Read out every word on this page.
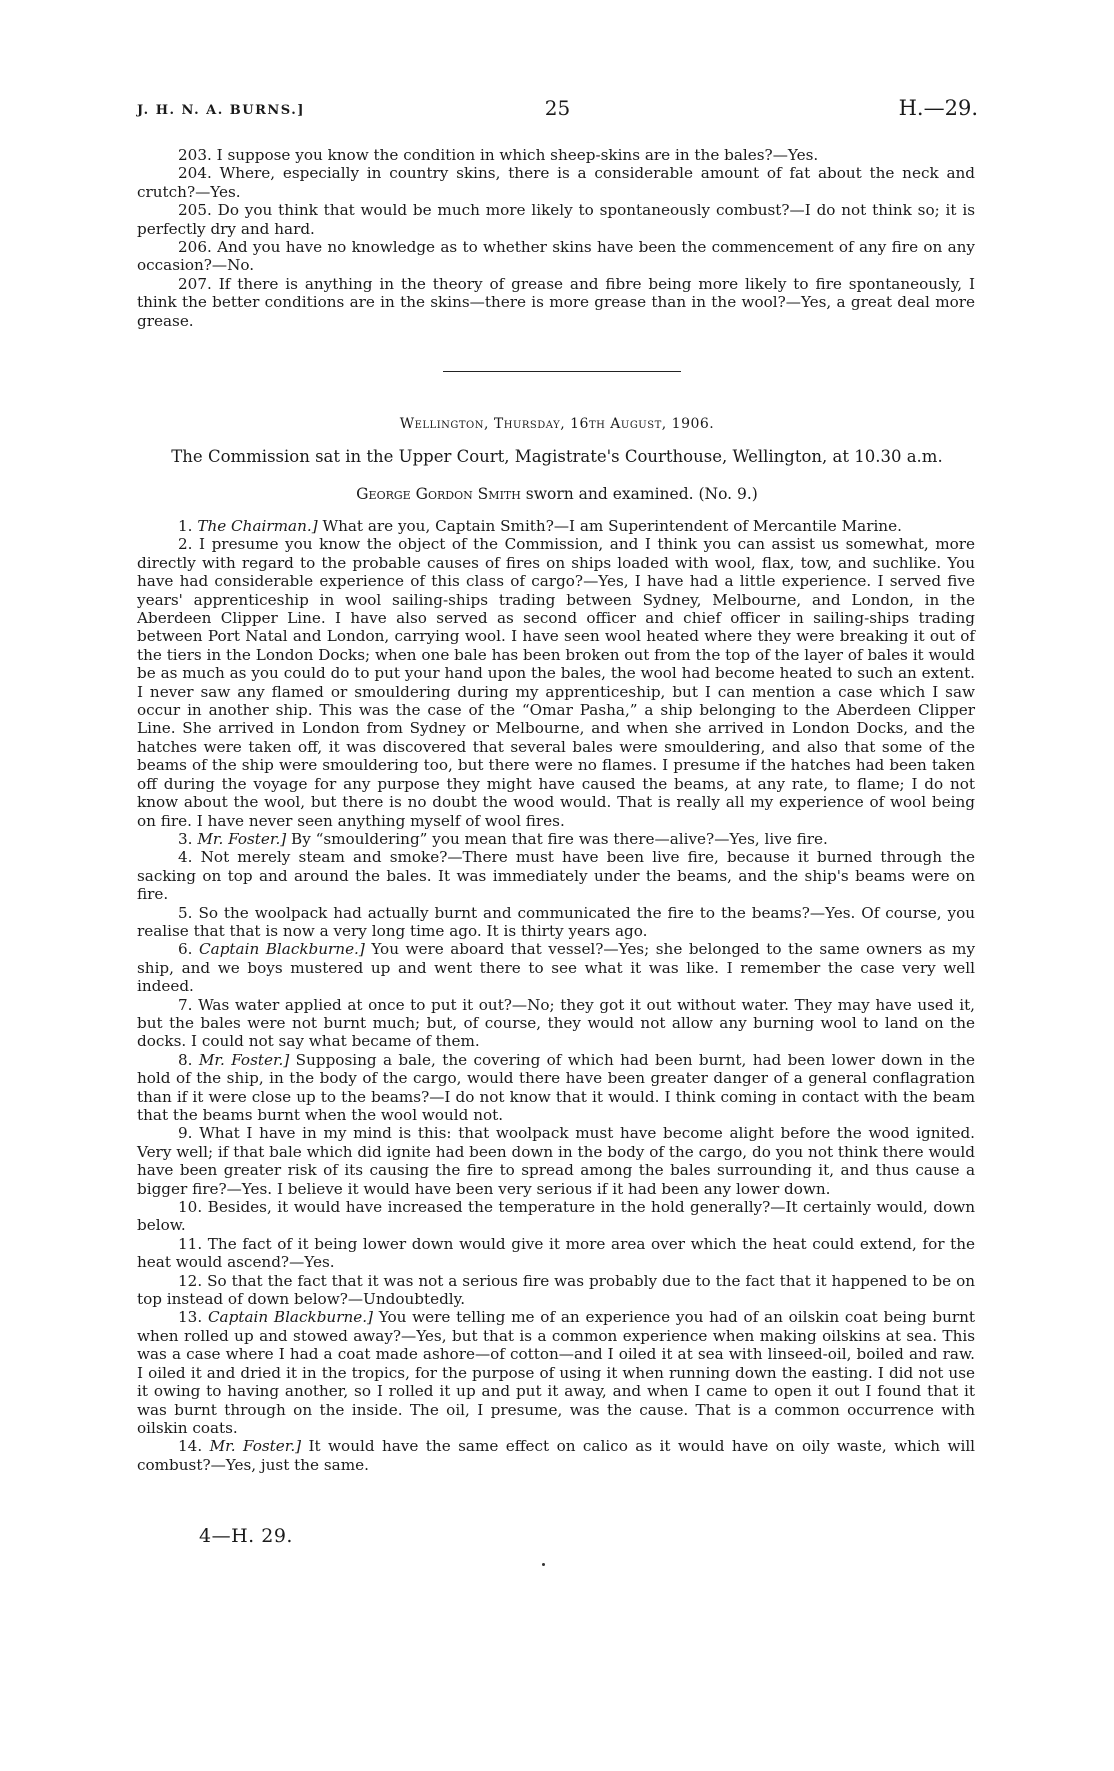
J. H. N. A. BURNS.]	25	H.—29.

203. I suppose you know the condition in which sheep-skins are in the bales?—Yes.

204. Where, especially in country skins, there is a considerable amount of fat about the neck and crutch?—Yes.

205. Do you think that would be much more likely to spontaneously combust?—I do not think so; it is perfectly dry and hard.

206. And you have no knowledge as to whether skins have been the commencement of any fire on any occasion?—No.

207. If there is anything in the theory of grease and fibre being more likely to fire spontaneously, I think the better conditions are in the skins—there is more grease than in the wool?—Yes, a great deal more grease.

Wellington, Thursday, 16th August, 1906.
The Commission sat in the Upper Court, Magistrate's Courthouse, Wellington, at 10.30 a.m.
George Gordon Smith sworn and examined. (No. 9.)

1. The Chairman.] What are you, Captain Smith?—I am Superintendent of Mercantile Marine.

2. I presume you know the object of the Commission, and I think you can assist us somewhat, more directly with regard to the probable causes of fires on ships loaded with wool, flax, tow, and suchlike. You have had considerable experience of this class of cargo?—Yes, I have had a little experience. I served five years' apprenticeship in wool sailing-ships trading between Sydney, Melbourne, and London, in the Aberdeen Clipper Line. I have also served as second officer and chief officer in sailing-ships trading between Port Natal and London, carrying wool. I have seen wool heated where they were breaking it out of the tiers in the London Docks; when one bale has been broken out from the top of the layer of bales it would be as much as you could do to put your hand upon the bales, the wool had become heated to such an extent. I never saw any flamed or smouldering during my apprenticeship, but I can mention a case which I saw occur in another ship. This was the case of the “Omar Pasha,” a ship belonging to the Aberdeen Clipper Line. She arrived in London from Sydney or Melbourne, and when she arrived in London Docks, and the hatches were taken off, it was discovered that several bales were smouldering, and also that some of the beams of the ship were smouldering too, but there were no flames. I presume if the hatches had been taken off during the voyage for any purpose they might have caused the beams, at any rate, to flame; I do not know about the wool, but there is no doubt the wood would. That is really all my experience of wool being on fire. I have never seen anything myself of wool fires.

3. Mr. Foster.] By “smouldering” you mean that fire was there—alive?—Yes, live fire.

4. Not merely steam and smoke?—There must have been live fire, because it burned through the sacking on top and around the bales. It was immediately under the beams, and the ship's beams were on fire.

5. So the woolpack had actually burnt and communicated the fire to the beams?—Yes. Of course, you realise that that is now a very long time ago. It is thirty years ago.

6. Captain Blackburne.] You were aboard that vessel?—Yes; she belonged to the same owners as my ship, and we boys mustered up and went there to see what it was like. I remember the case very well indeed.

7. Was water applied at once to put it out?—No; they got it out without water. They may have used it, but the bales were not burnt much; but, of course, they would not allow any burning wool to land on the docks. I could not say what became of them.

8. Mr. Foster.] Supposing a bale, the covering of which had been burnt, had been lower down in the hold of the ship, in the body of the cargo, would there have been greater danger of a general conflagration than if it were close up to the beams?—I do not know that it would. I think coming in contact with the beam that the beams burnt when the wool would not.

9. What I have in my mind is this: that woolpack must have become alight before the wood ignited. Very well; if that bale which did ignite had been down in the body of the cargo, do you not think there would have been greater risk of its causing the fire to spread among the bales surrounding it, and thus cause a bigger fire?—Yes. I believe it would have been very serious if it had been any lower down.

10. Besides, it would have increased the temperature in the hold generally?—It certainly would, down below.

11. The fact of it being lower down would give it more area over which the heat could extend, for the heat would ascend?—Yes.

12. So that the fact that it was not a serious fire was probably due to the fact that it happened to be on top instead of down below?—Undoubtedly.

13. Captain Blackburne.] You were telling me of an experience you had of an oilskin coat being burnt when rolled up and stowed away?—Yes, but that is a common experience when making oilskins at sea. This was a case where I had a coat made ashore—of cotton—and I oiled it at sea with linseed-oil, boiled and raw. I oiled it and dried it in the tropics, for the purpose of using it when running down the easting. I did not use it owing to having another, so I rolled it up and put it away, and when I came to open it out I found that it was burnt through on the inside. The oil, I presume, was the cause. That is a common occurrence with oilskin coats.

14. Mr. Foster.] It would have the same effect on calico as it would have on oily waste, which will combust?—Yes, just the same.

4—H. 29.
